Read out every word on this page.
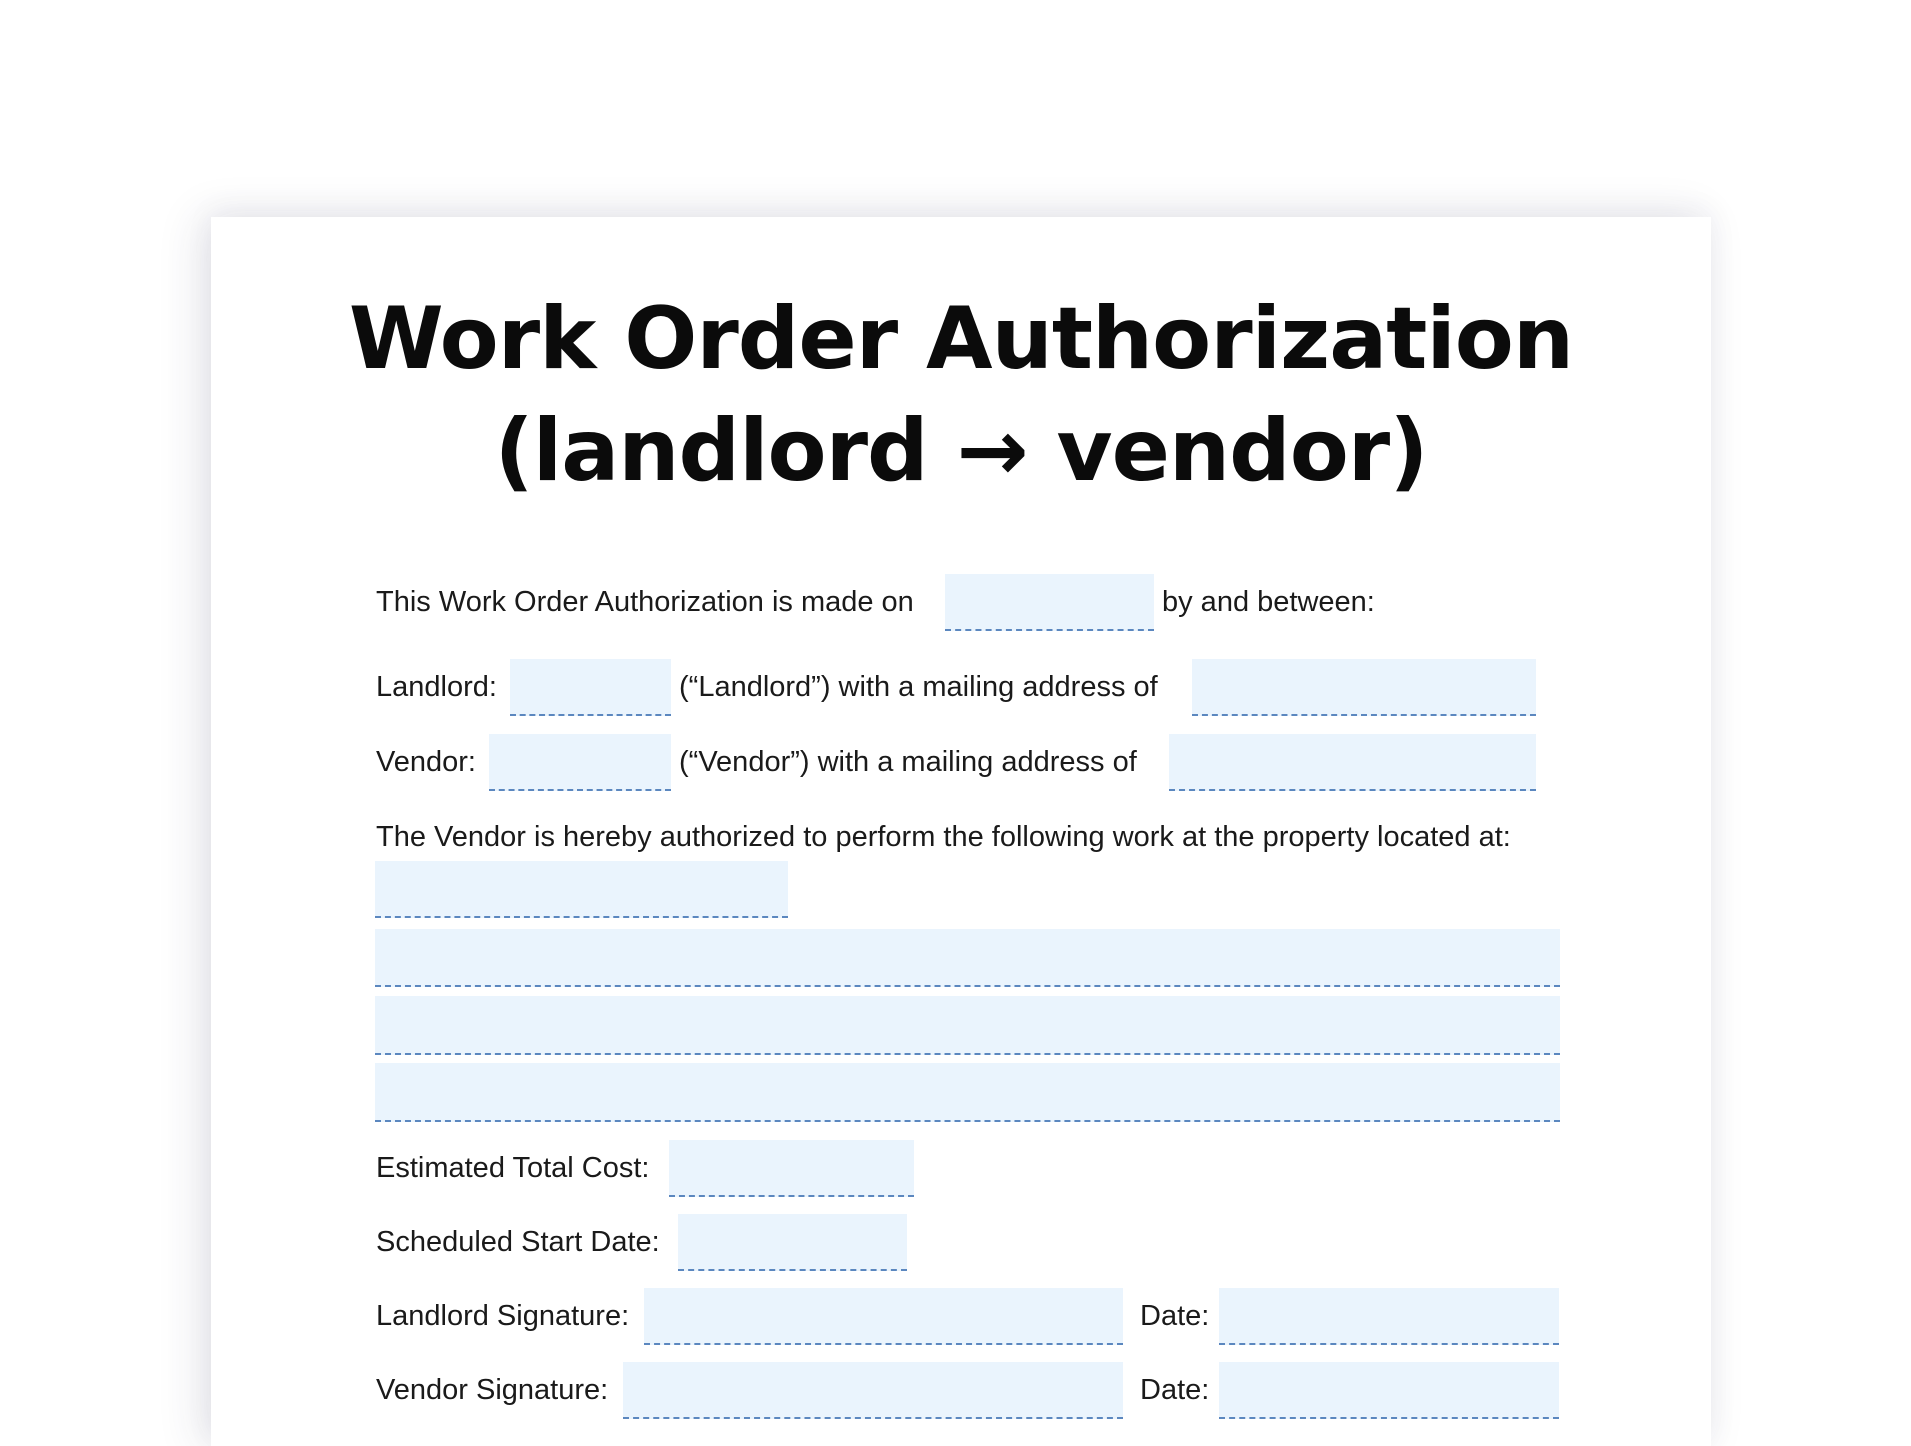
Work Order Authorization
(landlord → vendor)
This Work Order Authorization is made on	by and between:
Landlord:	(“Landlord”) with a mailing address of
Vendor:	(“Vendor”) with a mailing address of
The Vendor is hereby authorized to perform the following work at the property located at:
Estimated Total Cost:
Scheduled Start Date:
Landlord Signature:	Date:
Vendor Signature:	Date:
